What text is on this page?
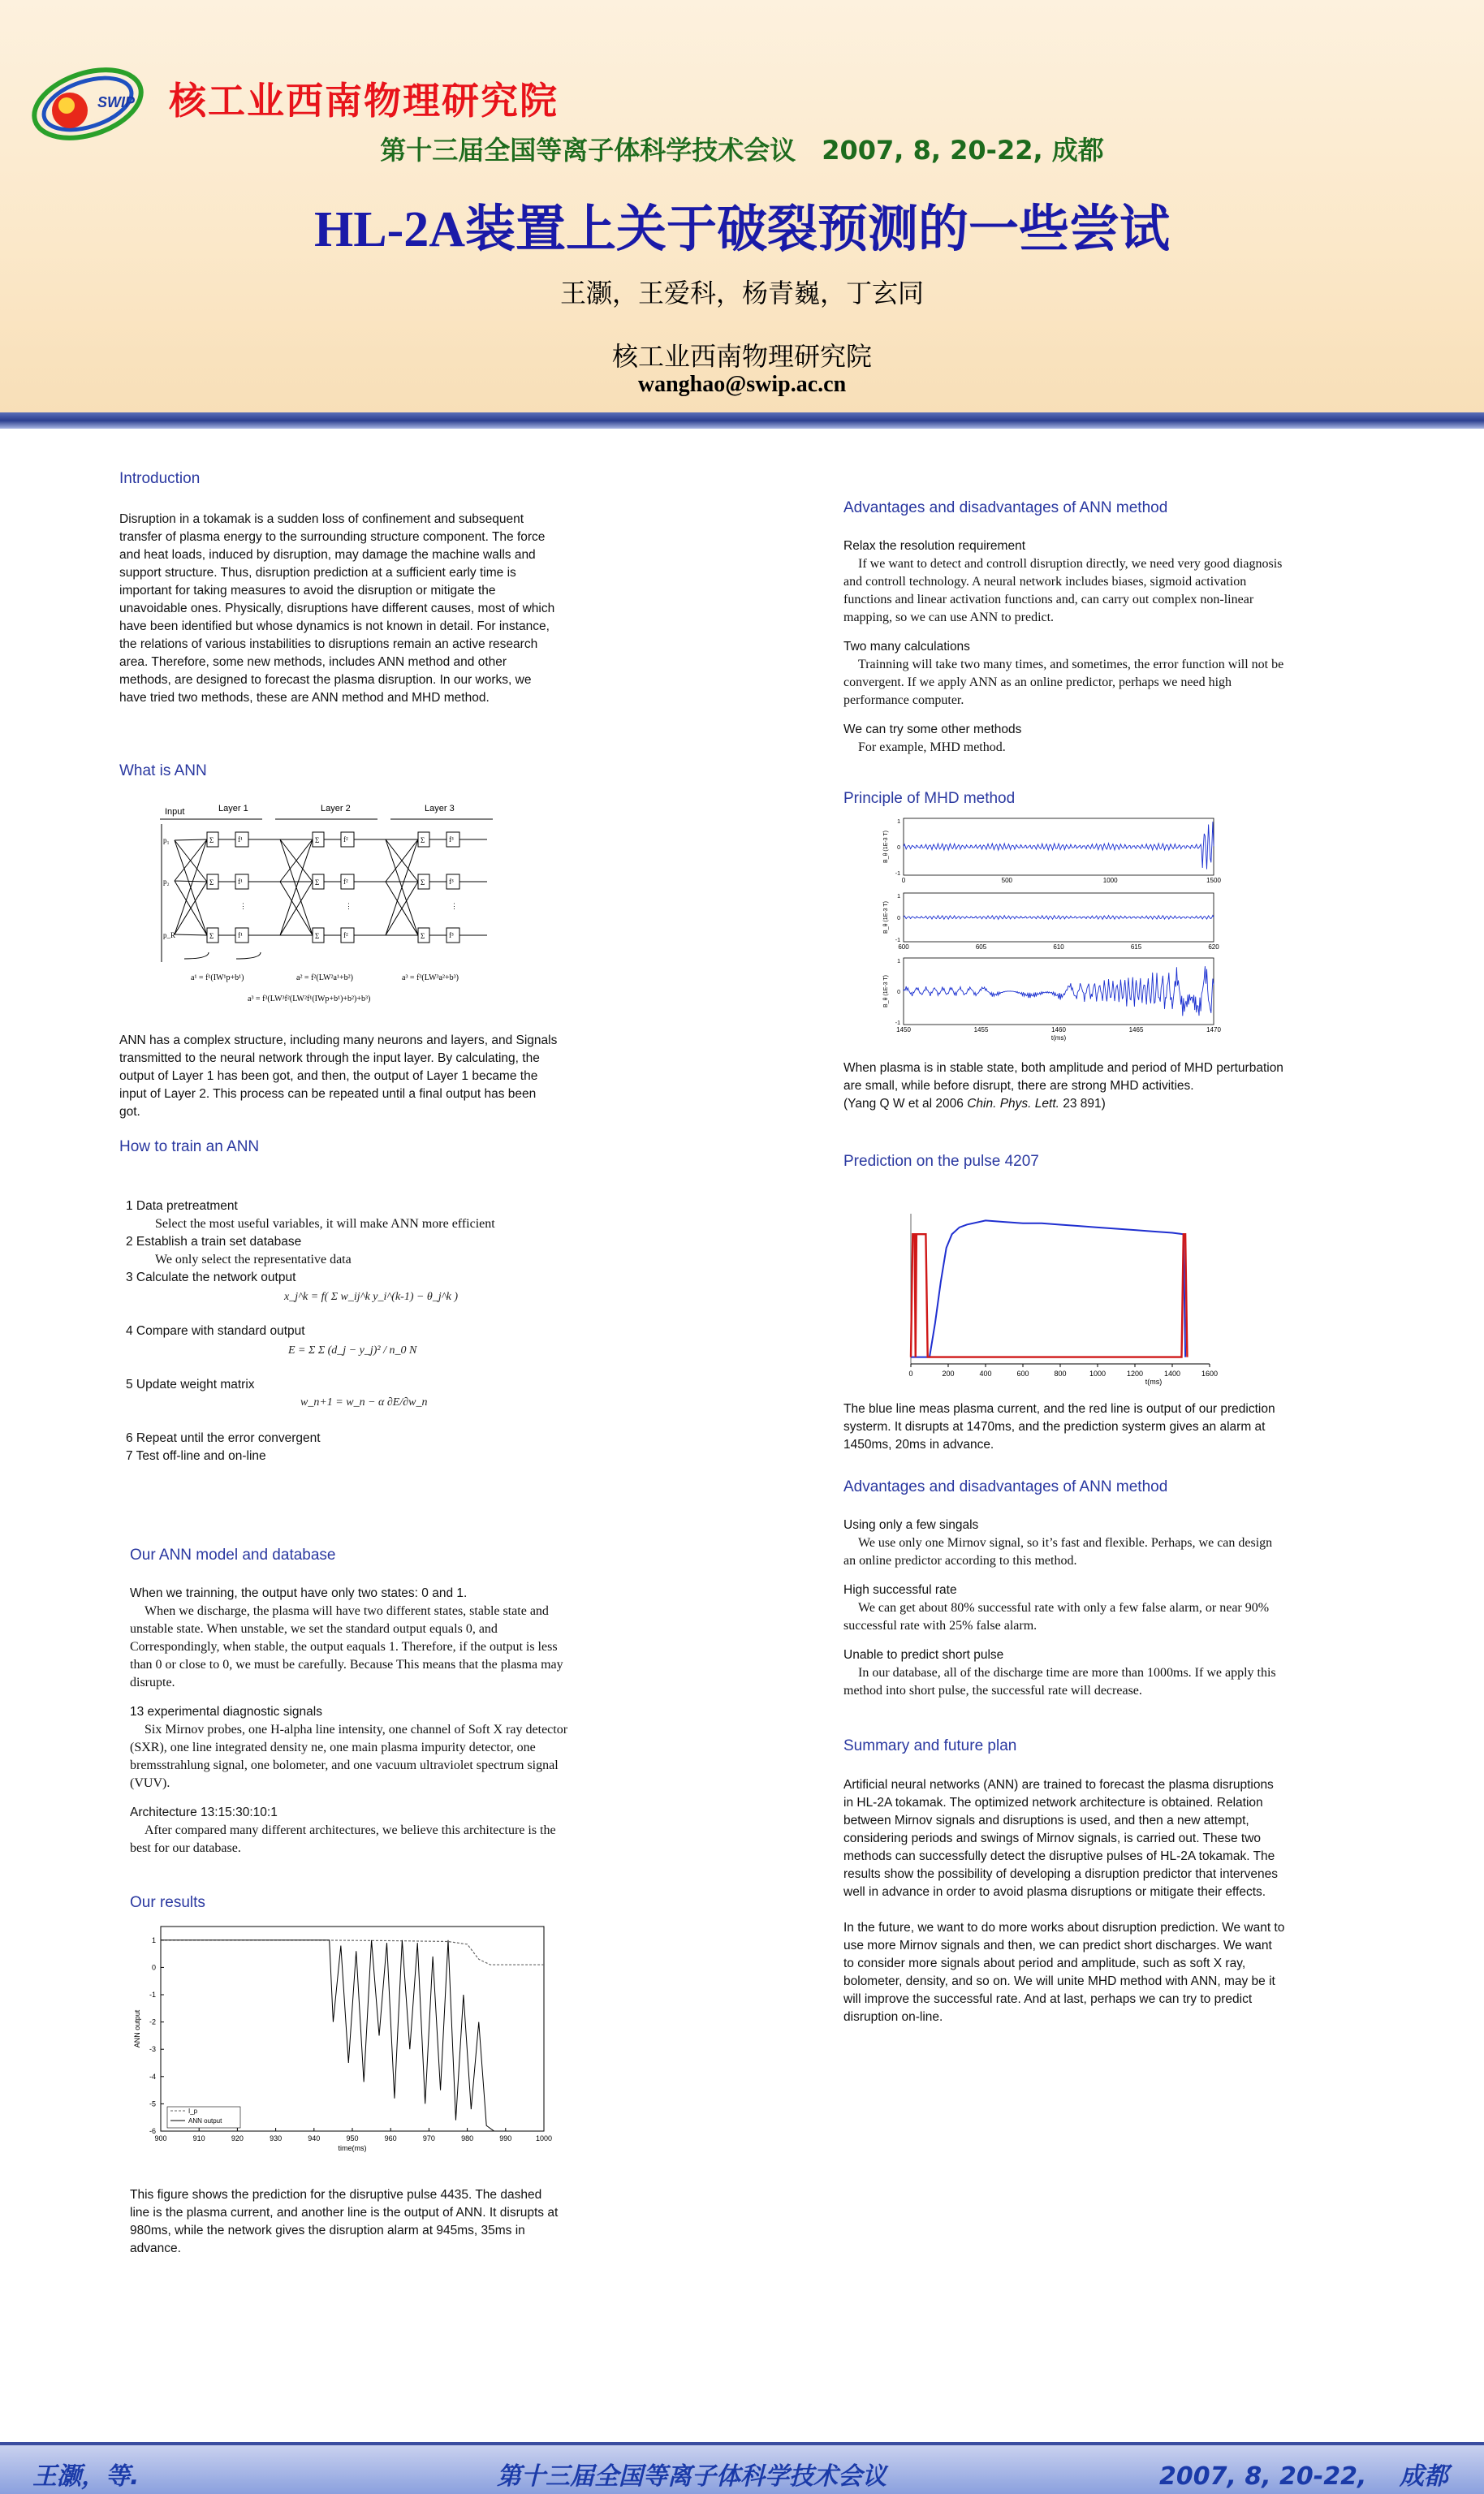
SWIP 核工业西南物理研究院
第十三届全国等离子体科学技术会议　2007, 8, 20-22, 成都
HL-2A装置上关于破裂预测的一些尝试
王灏，王爱科，杨青巍，丁玄同
核工业西南物理研究院
wanghao@swip.ac.cn
Introduction
Disruption in a tokamak is a sudden loss of confinement and subsequent transfer of plasma energy to the surrounding structure component. The force and heat loads, induced by disruption, may damage the machine walls and support structure. Thus, disruption prediction at a sufficient early time is important for taking measures to avoid the disruption or mitigate the unavoidable ones. Physically, disruptions have different causes, most of which have been identified but whose dynamics is not known in detail. For instance, the relations of various instabilities to disruptions remain an active research area. Therefore, some new methods, includes ANN method and other methods, are designed to forecast the plasma disruption. In our works, we have tried two methods, these are ANN method and MHD method.
What is ANN
Input	Layer 1	Layer 2	Layer 3
p₁
p₂
p_R
Σ
Σ
Σ
Σ
Σ
Σ
Σ
Σ
Σ
f¹
f¹
f¹
f²
f²
f²
f³
f³
f³
⋮	⋮	⋮
a¹ = f¹(IW¹p+b¹)	a² = f²(LW²a¹+b²)	a³ = f³(LW³a²+b³)
a³ = f³(LW³f²(LW²f¹(IWp+b¹)+b²)+b³)
ANN has a complex structure, including many neurons and layers, and Signals transmitted to the neural network through the input layer. By calculating, the output of Layer 1 has been got, and then, the output of Layer 1 became the input of Layer 2. This process can be repeated until a final output has been got.
How to train an ANN

1 Data pretreatment

Select the most useful variables, it will make ANN more efficient

2 Establish a train set database

We only select the representative data

3 Calculate the network output

4 Compare with standard output

5 Update weight matrix

6 Repeat until the error convergent

7 Test off-line and on-line

x_j^k = f( Σ w_ij^k y_i^(k-1) − θ_j^k )
E = Σ Σ (d_j − y_j)² / n_0 N
w_n+1 = w_n − α ∂E/∂w_n
Our ANN model and database

When we trainning, the output have only two states: 0 and 1.

When we discharge, the plasma will have two different states, stable state and unstable state. When unstable, we set the standard output equals 0, and Correspondingly, when stable, the output eaquals 1. Therefore, if the output is less than 0 or close to 0, we must be carefully. Because This means that the plasma may disrupte.

13 experimental diagnostic signals

Six Mirnov probes, one H-alpha line intensity, one channel of Soft X ray detector (SXR), one line integrated density ne, one main plasma impurity detector, one bremsstrahlung signal, one bolometer, and one vacuum ultraviolet spectrum signal (VUV).

Architecture 13:15:30:10:1

After compared many different architectures, we believe this architecture is the best for our database.

Our results
900	910	920	930	940	950	960	970	980	990	1000
1
0
-1
-2
-3
-4
-5
-6
time(ms)
ANN output
I_p
ANN output
This figure shows the prediction for the disruptive pulse 4435. The dashed line is the plasma current, and another line is the output of ANN. It disrupts at 980ms, while the network gives the disruption alarm at 945ms, 35ms in advance.
Advantages and disadvantages of ANN method

Relax the resolution requirement

If we want to detect and controll disruption directly, we need very good diagnosis and controll technology. A neural network includes biases, sigmoid activation functions and linear activation functions and, can carry out complex non-linear mapping, so we can use ANN to predict.

Two many calculations

Trainning will take two many times, and sometimes, the error function will not be convergent. If we apply ANN as an online predictor, perhaps we need high performance computer.

We can try some other methods

For example, MHD method.

Principle of MHD method
0	500	1000	1500
1
0
-1
B_θ (1E-3 T)
600	605	610	615	620
1
0
-1
B_θ (1E-3 T)
1450	1455	1460	1465	1470
1
0
-1
B_θ (1E-3 T)
t(ms)

When plasma is in stable state, both amplitude and period of MHD perturbation are small, while before disrupt, there are strong MHD activities.

(Yang Q W et al 2006 Chin. Phys. Lett. 23 891)

Prediction on the pulse 4207
0	200	400	600	800	1000	1200	1400	1600
t(ms)
The blue line meas plasma current, and the red line is output of our prediction systerm. It disrupts at 1470ms, and the prediction systerm gives an alarm at 1450ms, 20ms in advance.
Advantages and disadvantages of ANN method

Using only a few singals

We use only one Mirnov signal, so it’s fast and flexible. Perhaps, we can design an online predictor according to this method.

High successful rate

We can get about 80% successful rate with only a few false alarm, or near 90% successful rate with 25% false alarm.

Unable to predict short pulse

In our database, all of the discharge time are more than 1000ms. If we apply this method into short pulse, the successful rate will decrease.

Summary and future plan

Artificial neural networks (ANN) are trained to forecast the plasma disruptions in HL-2A tokamak. The optimized network architecture is obtained. Relation between Mirnov signals and disruptions is used, and then a new attempt, considering periods and swings of Mirnov signals, is carried out. These two methods can successfully detect the disruptive pulses of HL-2A tokamak. The results show the possibility of developing a disruption predictor that intervenes well in advance in order to avoid plasma disruptions or mitigate their effects.

In the future, we want to do more works about disruption prediction. We want to use more Mirnov signals and then, we can predict short discharges. We want to consider more signals about period and amplitude, such as soft X ray, bolometer, density, and so on. We will unite MHD method with ANN, may be it will improve the successful rate. And at last, perhaps we can try to predict disruption on-line.

王灏，等.	第十三届全国等离子体科学技术会议	2007, 8, 20-22,　 成都
